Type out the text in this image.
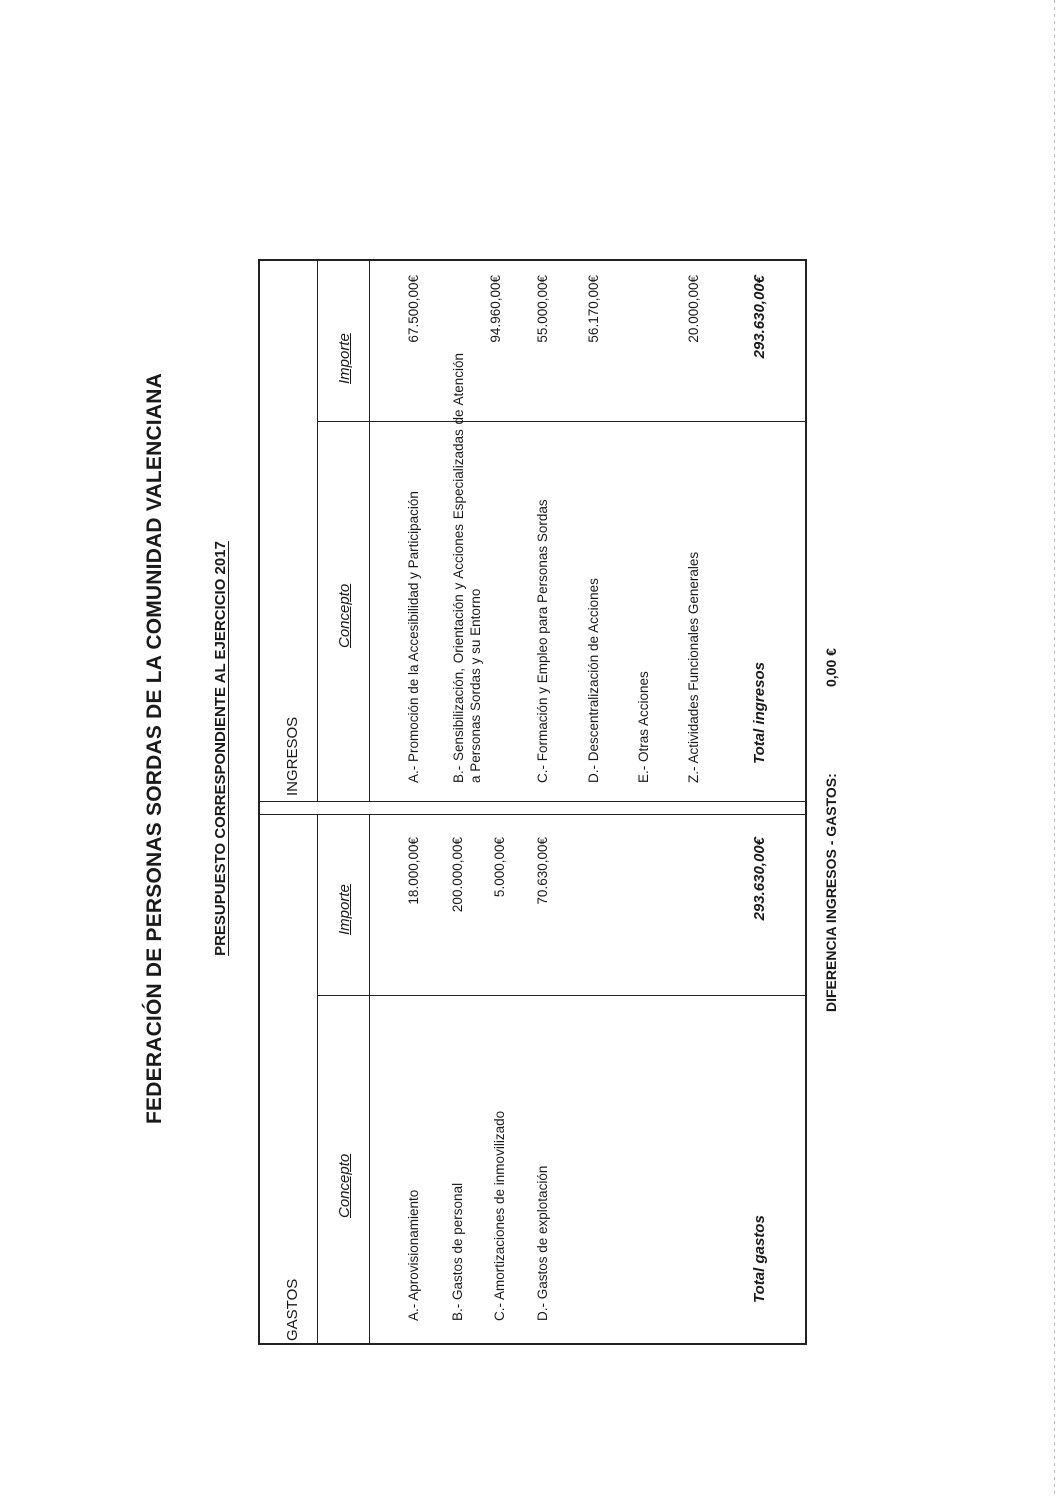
FEDERACIÓN DE PERSONAS SORDAS DE LA COMUNIDAD VALENCIANA	PRESUPUESTO CORRESPONDIENTE AL EJERCICIO 2017
GASTOS
Concepto
Importe
A.- Aprovisionamiento
18.000,00€
B.- Gastos de personal
200.000,00€
C.- Amortizaciones de inmovilizado
5.000,00€
D.- Gastos de explotación
70.630,00€
Total gastos
293.630,00€
INGRESOS
Concepto
Importe
A.- Promoción de la Accesibilidad y Participación
67.500,00€
B.- Sensibilización, Orientación y Acciones Especializadas de Atención a Personas Sordas y su Entorno
94.960,00€
C.- Formación y Empleo para Personas Sordas
55.000,00€
D.- Descentralización de Acciones
56.170,00€
E.- Otras Acciones	Z.- Actividades Funcionales Generales
20.000,00€
Total ingresos
293.630,00€
DIFERENCIA INGRESOS - GASTOS:
0,00 €
